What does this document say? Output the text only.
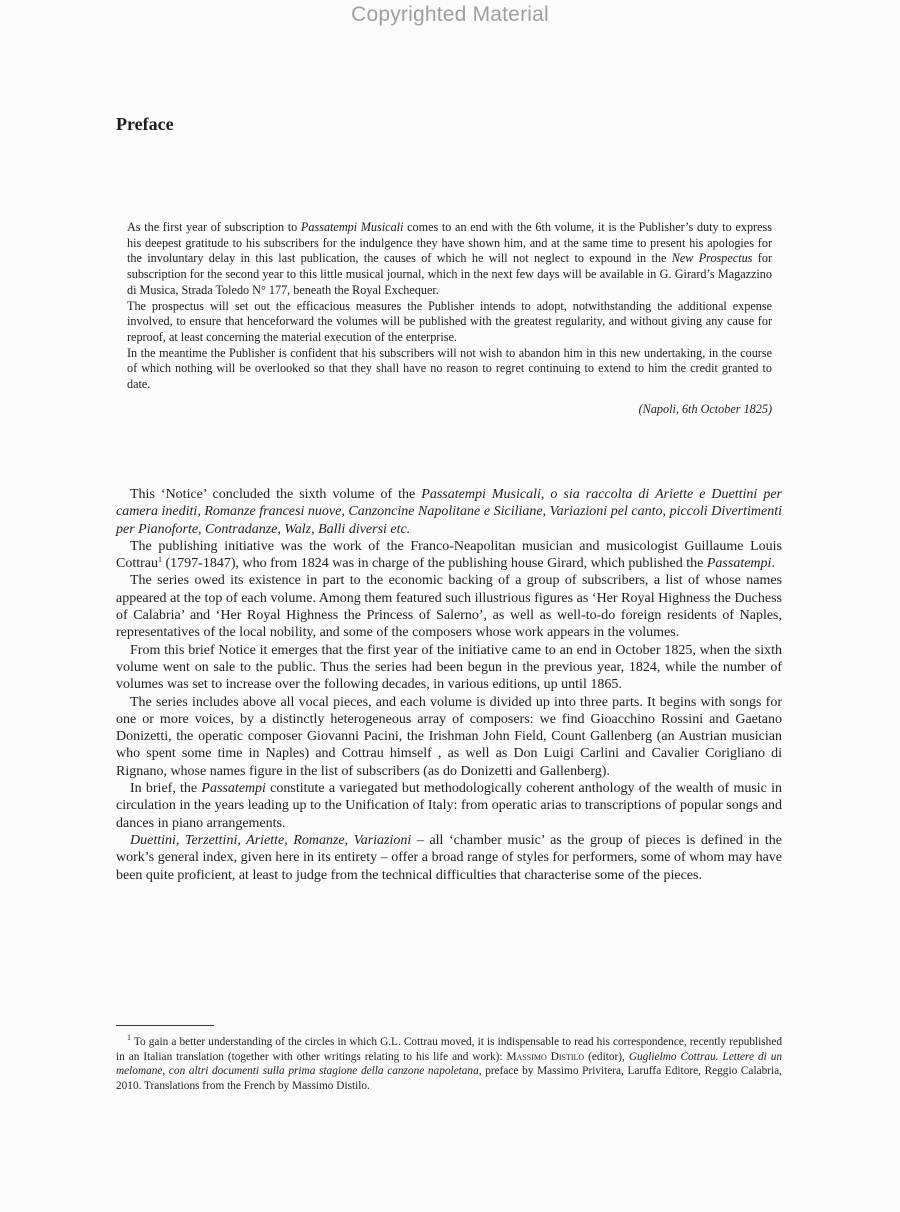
Copyrighted Material
Preface

As the first year of subscription to Passatempi Musicali comes to an end with the 6th volume, it is the Publisher’s duty to express his deepest gratitude to his subscribers for the indulgence they have shown him, and at the same time to present his apologies for the involuntary delay in this last publication, the causes of which he will not neglect to expound in the New Prospectus for subscription for the second year to this little musical journal, which in the next few days will be available in G. Girard’s Magazzino di Musica, Strada Toledo N° 177, beneath the Royal Exchequer.

The prospectus will set out the efficacious measures the Publisher intends to adopt, notwithstanding the additional expense involved, to ensure that henceforward the volumes will be published with the greatest regularity, and without giving any cause for reproof, at least concerning the material execution of the enterprise.

In the meantime the Publisher is confident that his subscribers will not wish to abandon him in this new undertaking, in the course of which nothing will be overlooked so that they shall have no reason to regret continuing to extend to him the credit granted to date.

(Napoli, 6th October 1825)

This ‘Notice’ concluded the sixth volume of the Passatempi Musicali, o sia raccolta di Ariette e Duettini per camera inediti, Romanze francesi nuove, Canzoncine Napolitane e Siciliane, Variazioni pel canto, piccoli Divertimenti per Pianoforte, Contradanze, Walz, Balli diversi etc.

The publishing initiative was the work of the Franco-Neapolitan musician and musicologist Guillaume Louis Cottrau$^1$ (1797-1847), who from 1824 was in charge of the publishing house Girard, which published the Passatempi.

The series owed its existence in part to the economic backing of a group of subscribers, a list of whose names appeared at the top of each volume. Among them featured such illustrious figures as ‘Her Royal Highness the Duchess of Calabria’ and ‘Her Royal Highness the Princess of Salerno’, as well as well-to-do foreign residents of Naples, representatives of the local nobility, and some of the composers whose work appears in the volumes.

From this brief Notice it emerges that the first year of the initiative came to an end in October 1825, when the sixth volume went on sale to the public. Thus the series had been begun in the previous year, 1824, while the number of volumes was set to increase over the following decades, in various editions, up until 1865.

The series includes above all vocal pieces, and each volume is divided up into three parts. It begins with songs for one or more voices, by a distinctly heterogeneous array of composers: we find Gioacchino Rossini and Gaetano Donizetti, the operatic composer Giovanni Pacini, the Irishman John Field, Count Gallenberg (an Austrian musician who spent some time in Naples) and Cottrau himself , as well as Don Luigi Carlini and Cavalier Corigliano di Rignano, whose names figure in the list of subscribers (as do Donizetti and Gallenberg).

In brief, the Passatempi constitute a variegated but methodologically coherent anthology of the wealth of music in circulation in the years leading up to the Unification of Italy: from operatic arias to transcriptions of popular songs and dances in piano arrangements.

Duettini, Terzettini, Ariette, Romanze, Variazioni – all ‘chamber music’ as the group of pieces is defined in the work’s general index, given here in its entirety – offer a broad range of styles for performers, some of whom may have been quite proficient, at least to judge from the technical difficulties that characterise some of the pieces.

$^1$ To gain a better understanding of the circles in which G.L. Cottrau moved, it is indispensable to read his correspondence, recently republished in an Italian translation (together with other writings relating to his life and work): Massimo Distilo (editor), Guglielmo Cottrau. Lettere di un melomane, con altri documenti sulla prima stagione della canzone napoletana, preface by Massimo Privitera, Laruffa Editore, Reggio Calabria, 2010. Translations from the French by Massimo Distilo.
